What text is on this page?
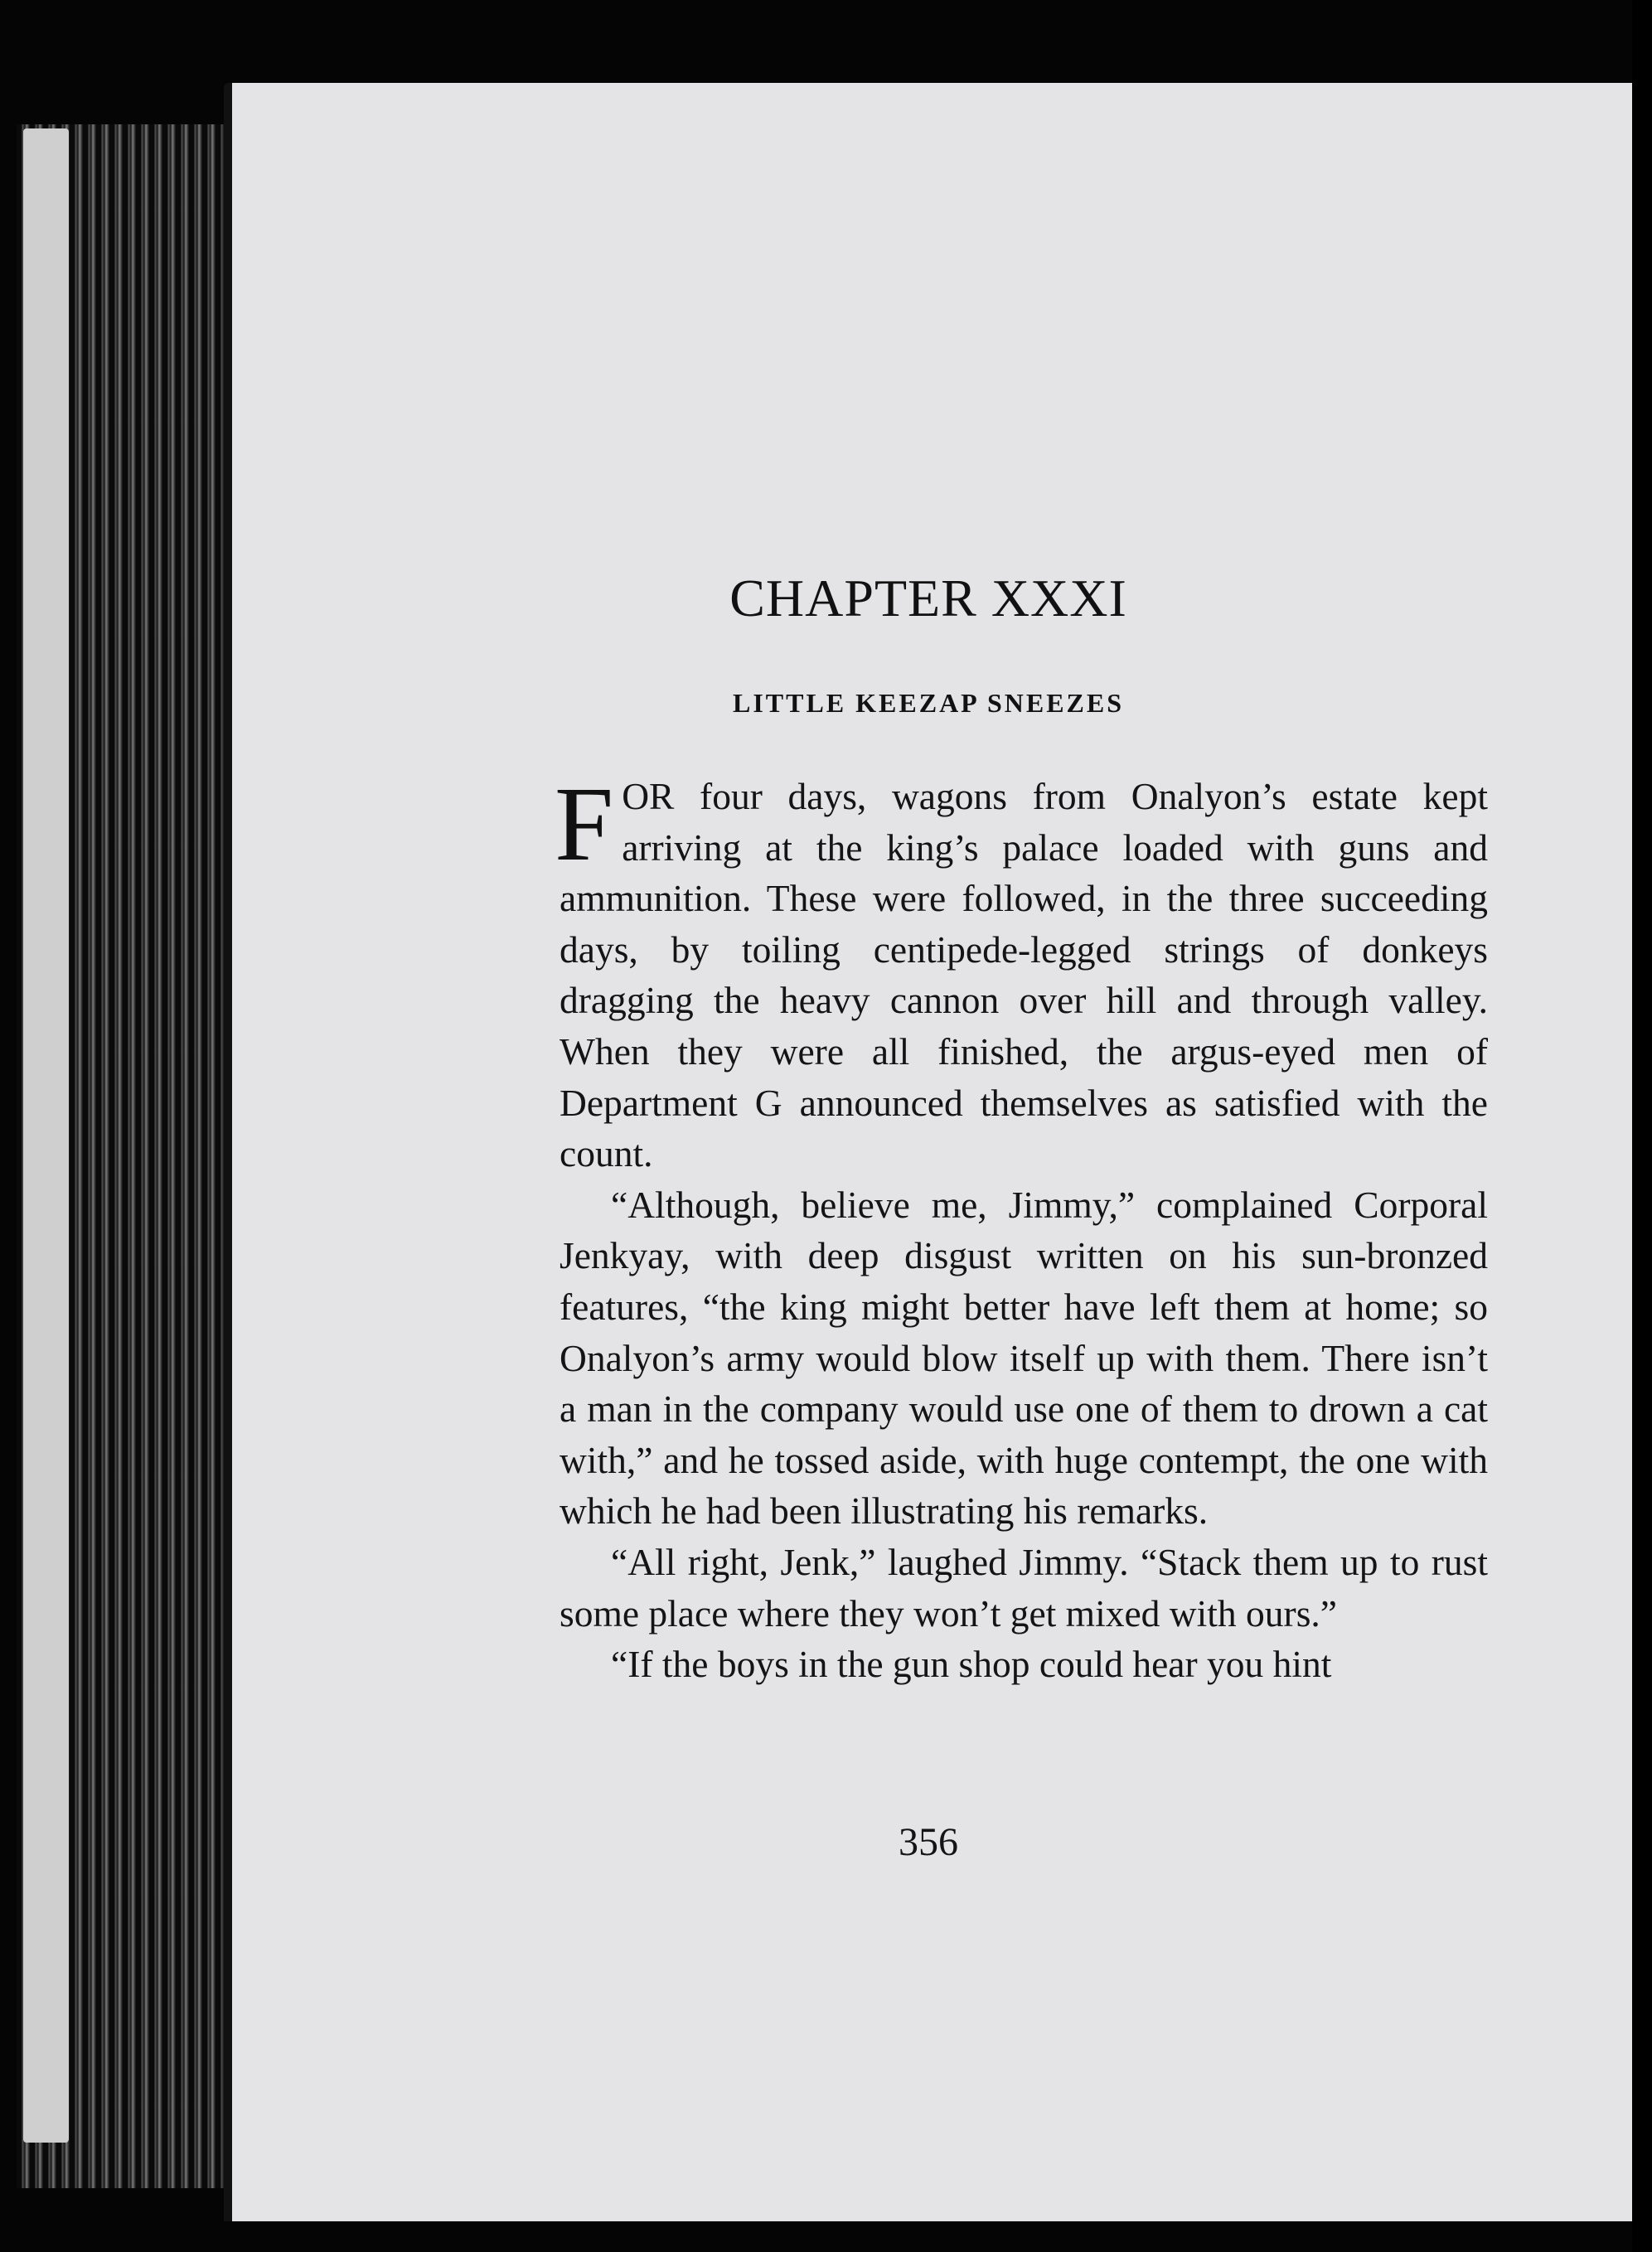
CHAPTER XXXI
LITTLE KEEZAP SNEEZES

FOR four days, wagons from Onalyon’s estate kept arriving at the king’s palace loaded with guns and ammunition. These were followed, in the three succeeding days, by toiling centipede-legged strings of donkeys dragging the heavy cannon over hill and through valley. When they were all finished, the argus-eyed men of Department G announced themselves as satisfied with the count.

“Although, believe me, Jimmy,” complained Corporal Jenkyay, with deep disgust written on his sun-bronzed features, “the king might better have left them at home; so Onalyon’s army would blow itself up with them. There isn’t a man in the company would use one of them to drown a cat with,” and he tossed aside, with huge contempt, the one with which he had been illustrating his remarks.

“All right, Jenk,” laughed Jimmy. “Stack them up to rust some place where they won’t get mixed with ours.”

“If the boys in the gun shop could hear you hint

356
